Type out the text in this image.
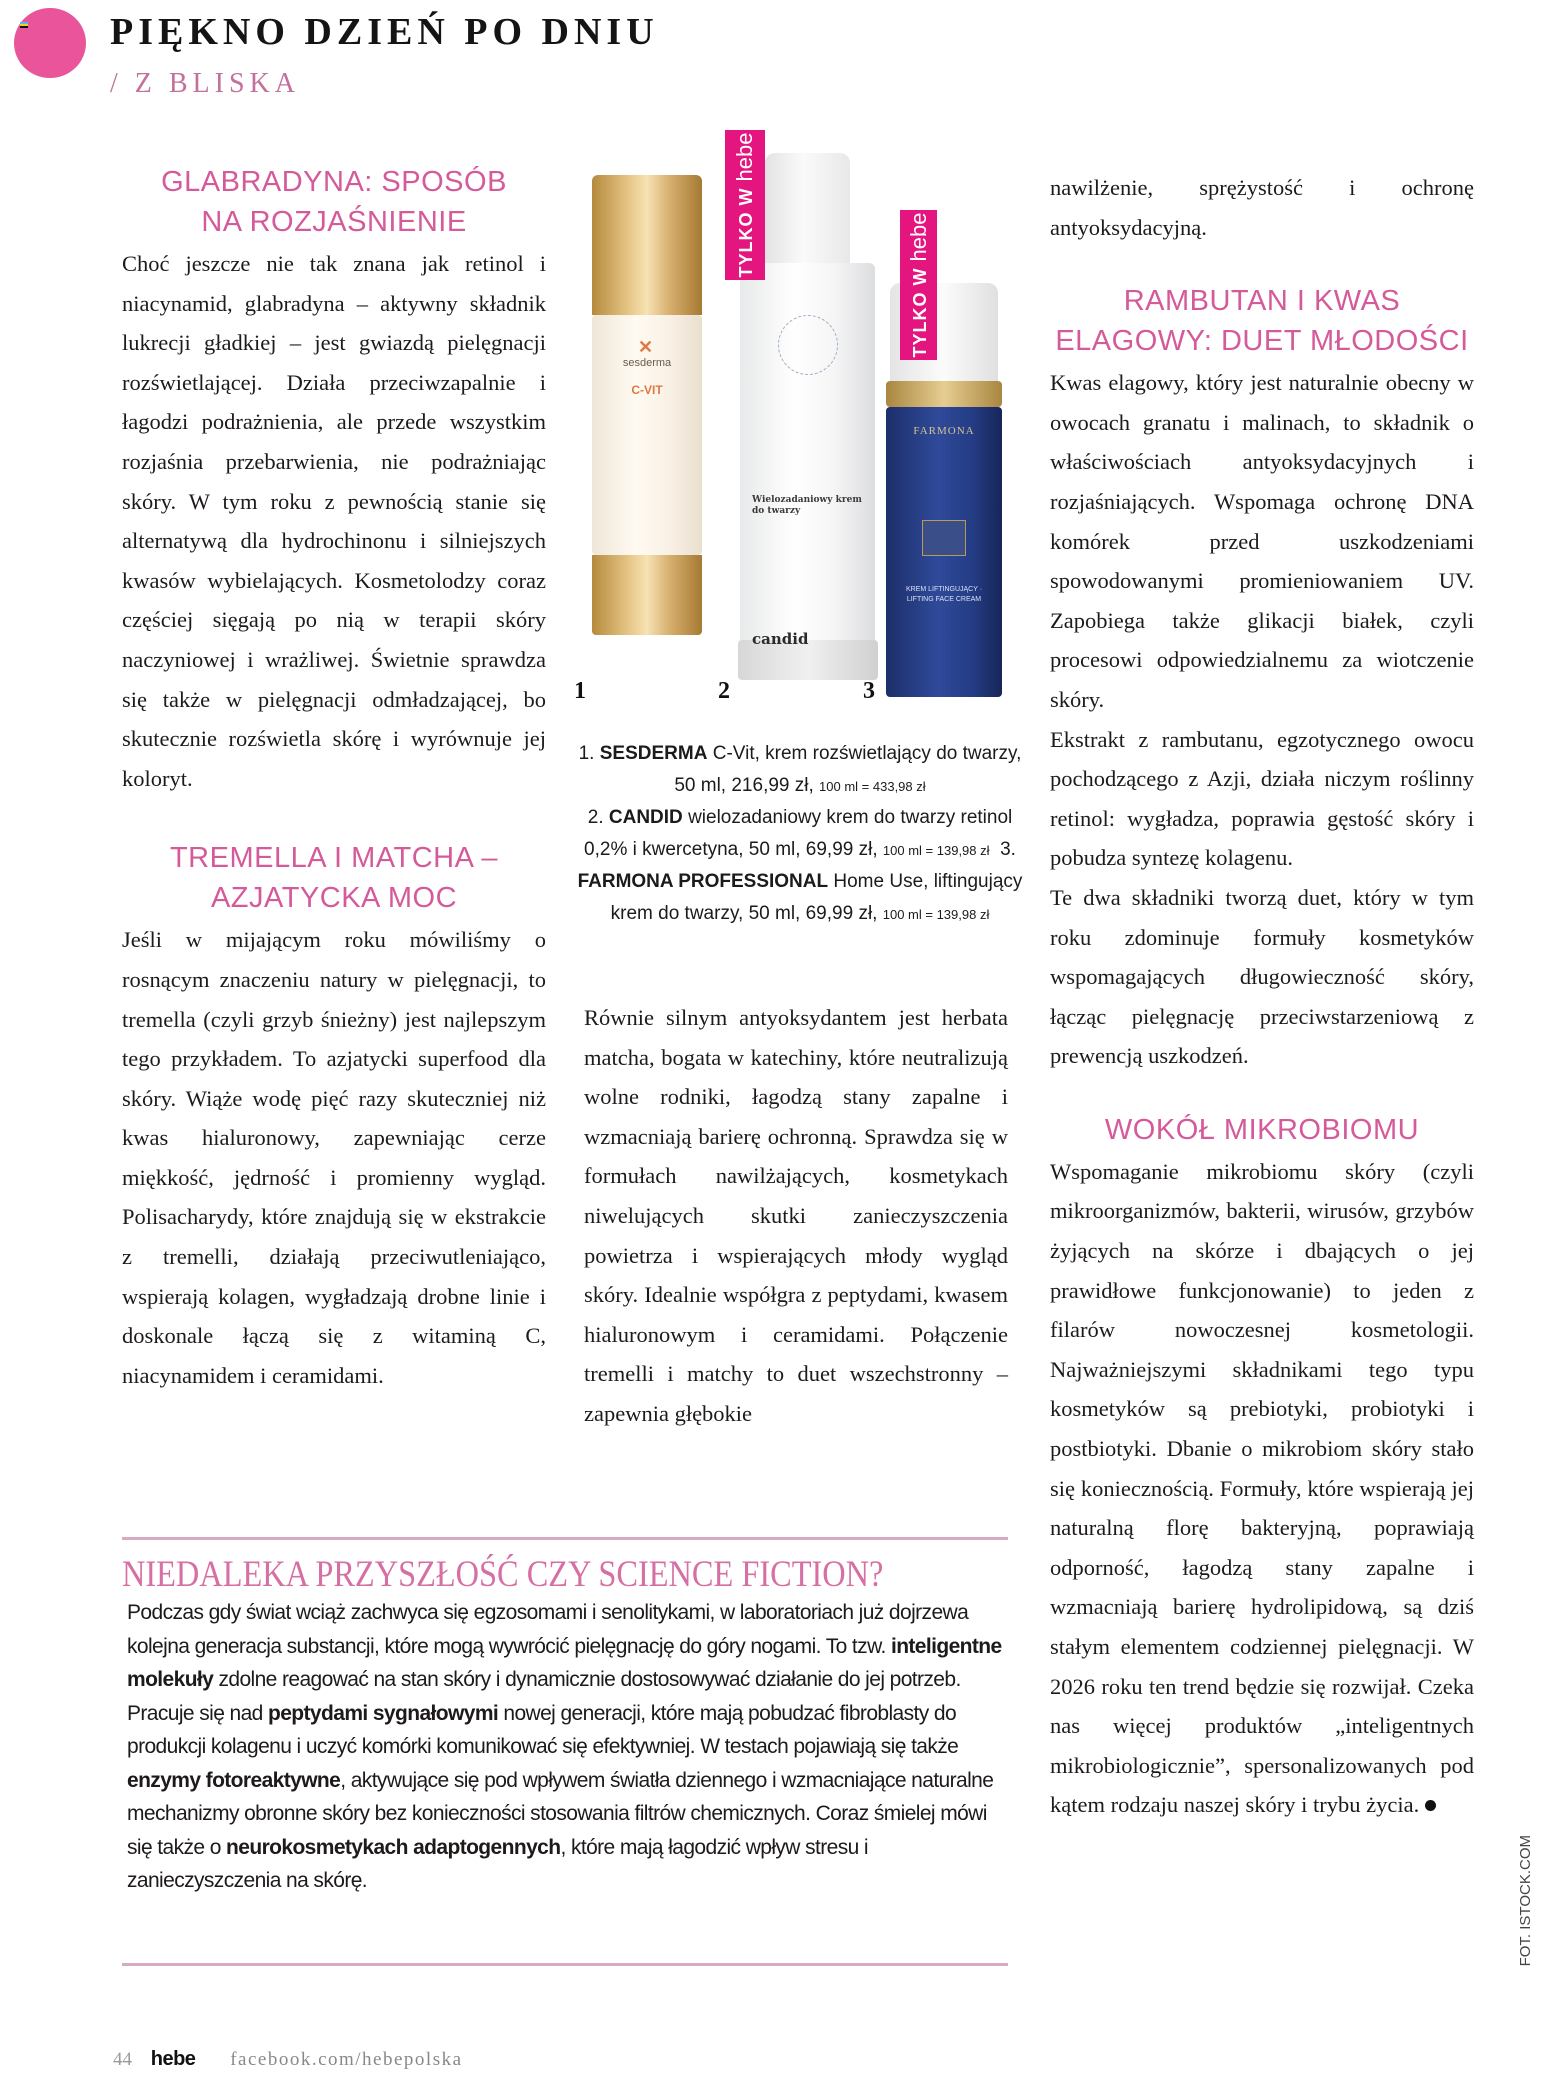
PIĘKNO DZIEŃ PO DNIU
/ Z BLISKA
GLABRADYNA: SPOSÓB
NA ROZJAŚNIENIE
Choć jeszcze nie tak znana jak retinol i niacynamid, glabradyna – aktywny składnik lukrecji gładkiej – jest gwiazdą pielęgnacji rozświetlającej. Działa przeciwzapalnie i łagodzi podrażnienia, ale przede wszystkim rozjaśnia przebarwienia, nie podrażniając skóry. W tym roku z pewnością stanie się alternatywą dla hydrochinonu i silniejszych kwasów wybielających. Kosmetolodzy coraz częściej sięgają po nią w terapii skóry naczyniowej i wrażliwej. Świetnie sprawdza się także w pielęgnacji odmładzającej, bo skutecznie rozświetla skórę i wyrównuje jej koloryt.
TREMELLA I MATCHA –
AZJATYCKA MOC
Jeśli w mijającym roku mówiliśmy o rosnącym znaczeniu natury w pielęgnacji, to tremella (czyli grzyb śnieżny) jest najlepszym tego przykładem. To azjatycki superfood dla skóry. Wiąże wodę pięć razy skuteczniej niż kwas hialuronowy, zapewniając cerze miękkość, jędrność i promienny wygląd. Polisacharydy, które znajdują się w ekstrakcie z tremelli, działają przeciwutleniająco, wspierają kolagen, wygładzają drobne linie i doskonale łączą się z witaminą C, niacynamidem i ceramidami.
✕
sesderma
C-VIT
Wielozadaniowy krem do twarzy
candid
FARMONA
KREM LIFTINGUJĄCY · LIFTING FACE CREAM
TYLKO Whebe
TYLKO Whebe
1	2	3
1. SESDERMA C-Vit, krem rozświetlający do twarzy, 50 ml, 216,99 zł, 100 ml = 433,98 zł
2. CANDID wielozadaniowy krem do twarzy retinol 0,2% i kwercetyna, 50 ml, 69,99 zł, 100 ml = 139,98 zł 3. FARMONA PROFESSIONAL Home Use, liftingujący krem do twarzy, 50 ml, 69,99 zł, 100 ml = 139,98 zł
Równie silnym antyoksydantem jest herbata matcha, bogata w katechiny, które neutralizują wolne rodniki, łagodzą stany zapalne i wzmacniają barierę ochronną. Sprawdza się w formułach nawilżających, kosmetykach niwelujących skutki zanieczyszczenia powietrza i wspierających młody wygląd skóry. Idealnie współgra z peptydami, kwasem hialuronowym i ceramidami. Połączenie tremelli i matchy to duet wszechstronny – zapewnia głębokie
nawilżenie, sprężystość i ochronę antyoksydacyjną.
RAMBUTAN I KWAS
ELAGOWY: DUET MŁODOŚCI

Kwas elagowy, który jest naturalnie obecny w owocach granatu i malinach, to składnik o właściwościach antyoksydacyjnych i rozjaśniających. Wspomaga ochronę DNA komórek przed uszkodzeniami spowodowanymi promieniowaniem UV. Zapobiega także glikacji białek, czyli procesowi odpowiedzialnemu za wiotczenie skóry.

Ekstrakt z rambutanu, egzotycznego owocu pochodzącego z Azji, działa niczym roślinny retinol: wygładza, poprawia gęstość skóry i pobudza syntezę kolagenu.

Te dwa składniki tworzą duet, który w tym roku zdominuje formuły kosmetyków wspomagających długowieczność skóry, łącząc pielęgnację przeciwstarzeniową z prewencją uszkodzeń.

WOKÓŁ MIKROBIOMU
Wspomaganie mikrobiomu skóry (czyli mikroorganizmów, bakterii, wirusów, grzybów żyjących na skórze i dbających o jej prawidłowe funkcjonowanie) to jeden z filarów nowoczesnej kosmetologii. Najważniejszymi składnikami tego typu kosmetyków są prebiotyki, probiotyki i postbiotyki. Dbanie o mikrobiom skóry stało się koniecznością. Formuły, które wspierają jej naturalną florę bakteryjną, poprawiają odporność, łagodzą stany zapalne i wzmacniają barierę hydrolipidową, są dziś stałym elementem codziennej pielęgnacji. W 2026 roku ten trend będzie się rozwijał. Czeka nas więcej produktów „inteligentnych mikrobiologicznie”, spersonalizowanych pod kątem rodzaju naszej skóry i trybu życia.
NIEDALEKA PRZYSZŁOŚĆ CZY SCIENCE FICTION?
Podczas gdy świat wciąż zachwyca się egzosomami i senolitykami, w laboratoriach już dojrzewa kolejna generacja substancji, które mogą wywrócić pielęgnację do góry nogami. To tzw. inteligentne molekuły zdolne reagować na stan skóry i dynamicznie dostosowywać działanie do jej potrzeb. Pracuje się nad peptydami sygnałowymi nowej generacji, które mają pobudzać fibroblasty do produkcji kolagenu i uczyć komórki komunikować się efektywniej. W testach pojawiają się także enzymy fotoreaktywne, aktywujące się pod wpływem światła dziennego i wzmacniające naturalne mechanizmy obronne skóry bez konieczności stosowania filtrów chemicznych. Coraz śmielej mówi się także o neurokosmetykach adaptogennych, które mają łagodzić wpływ stresu i zanieczyszczenia na skórę.
44 hebe facebook.com/hebepolska
FOT. ISTOCK.COM
